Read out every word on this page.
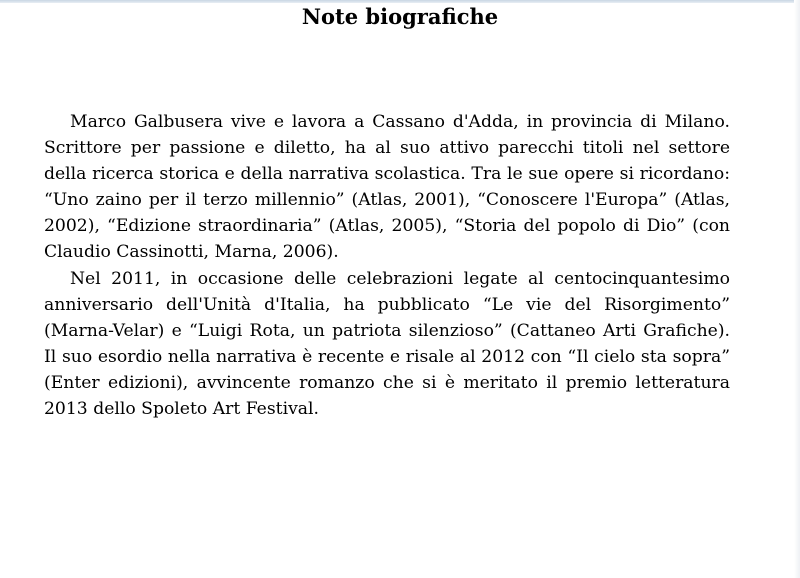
Note biografiche

Marco Galbusera vive e lavora a Cassano d'Adda, in provincia di Milano. Scrittore per passione e diletto, ha al suo attivo parecchi titoli nel settore della ricerca storica e della narrativa scolastica. Tra le sue opere si ricordano: “Uno zaino per il terzo millennio” (Atlas, 2001), “Conoscere l'Europa” (Atlas, 2002), “Edizione straordinaria” (Atlas, 2005), “Storia del popolo di Dio” (con Claudio Cassinotti, Marna, 2006).

Nel 2011, in occasione delle celebrazioni legate al centocinquantesimo anniversario dell'Unità d'Italia, ha pubblicato “Le vie del Risorgimento” (Marna-Velar) e “Luigi Rota, un patriota silenzioso” (Cattaneo Arti Grafiche). Il suo esordio nella narrativa è recente e risale al 2012 con “Il cielo sta sopra” (Enter edizioni), avvincente romanzo che si è meritato il premio letteratura 2013 dello Spoleto Art Festival.
